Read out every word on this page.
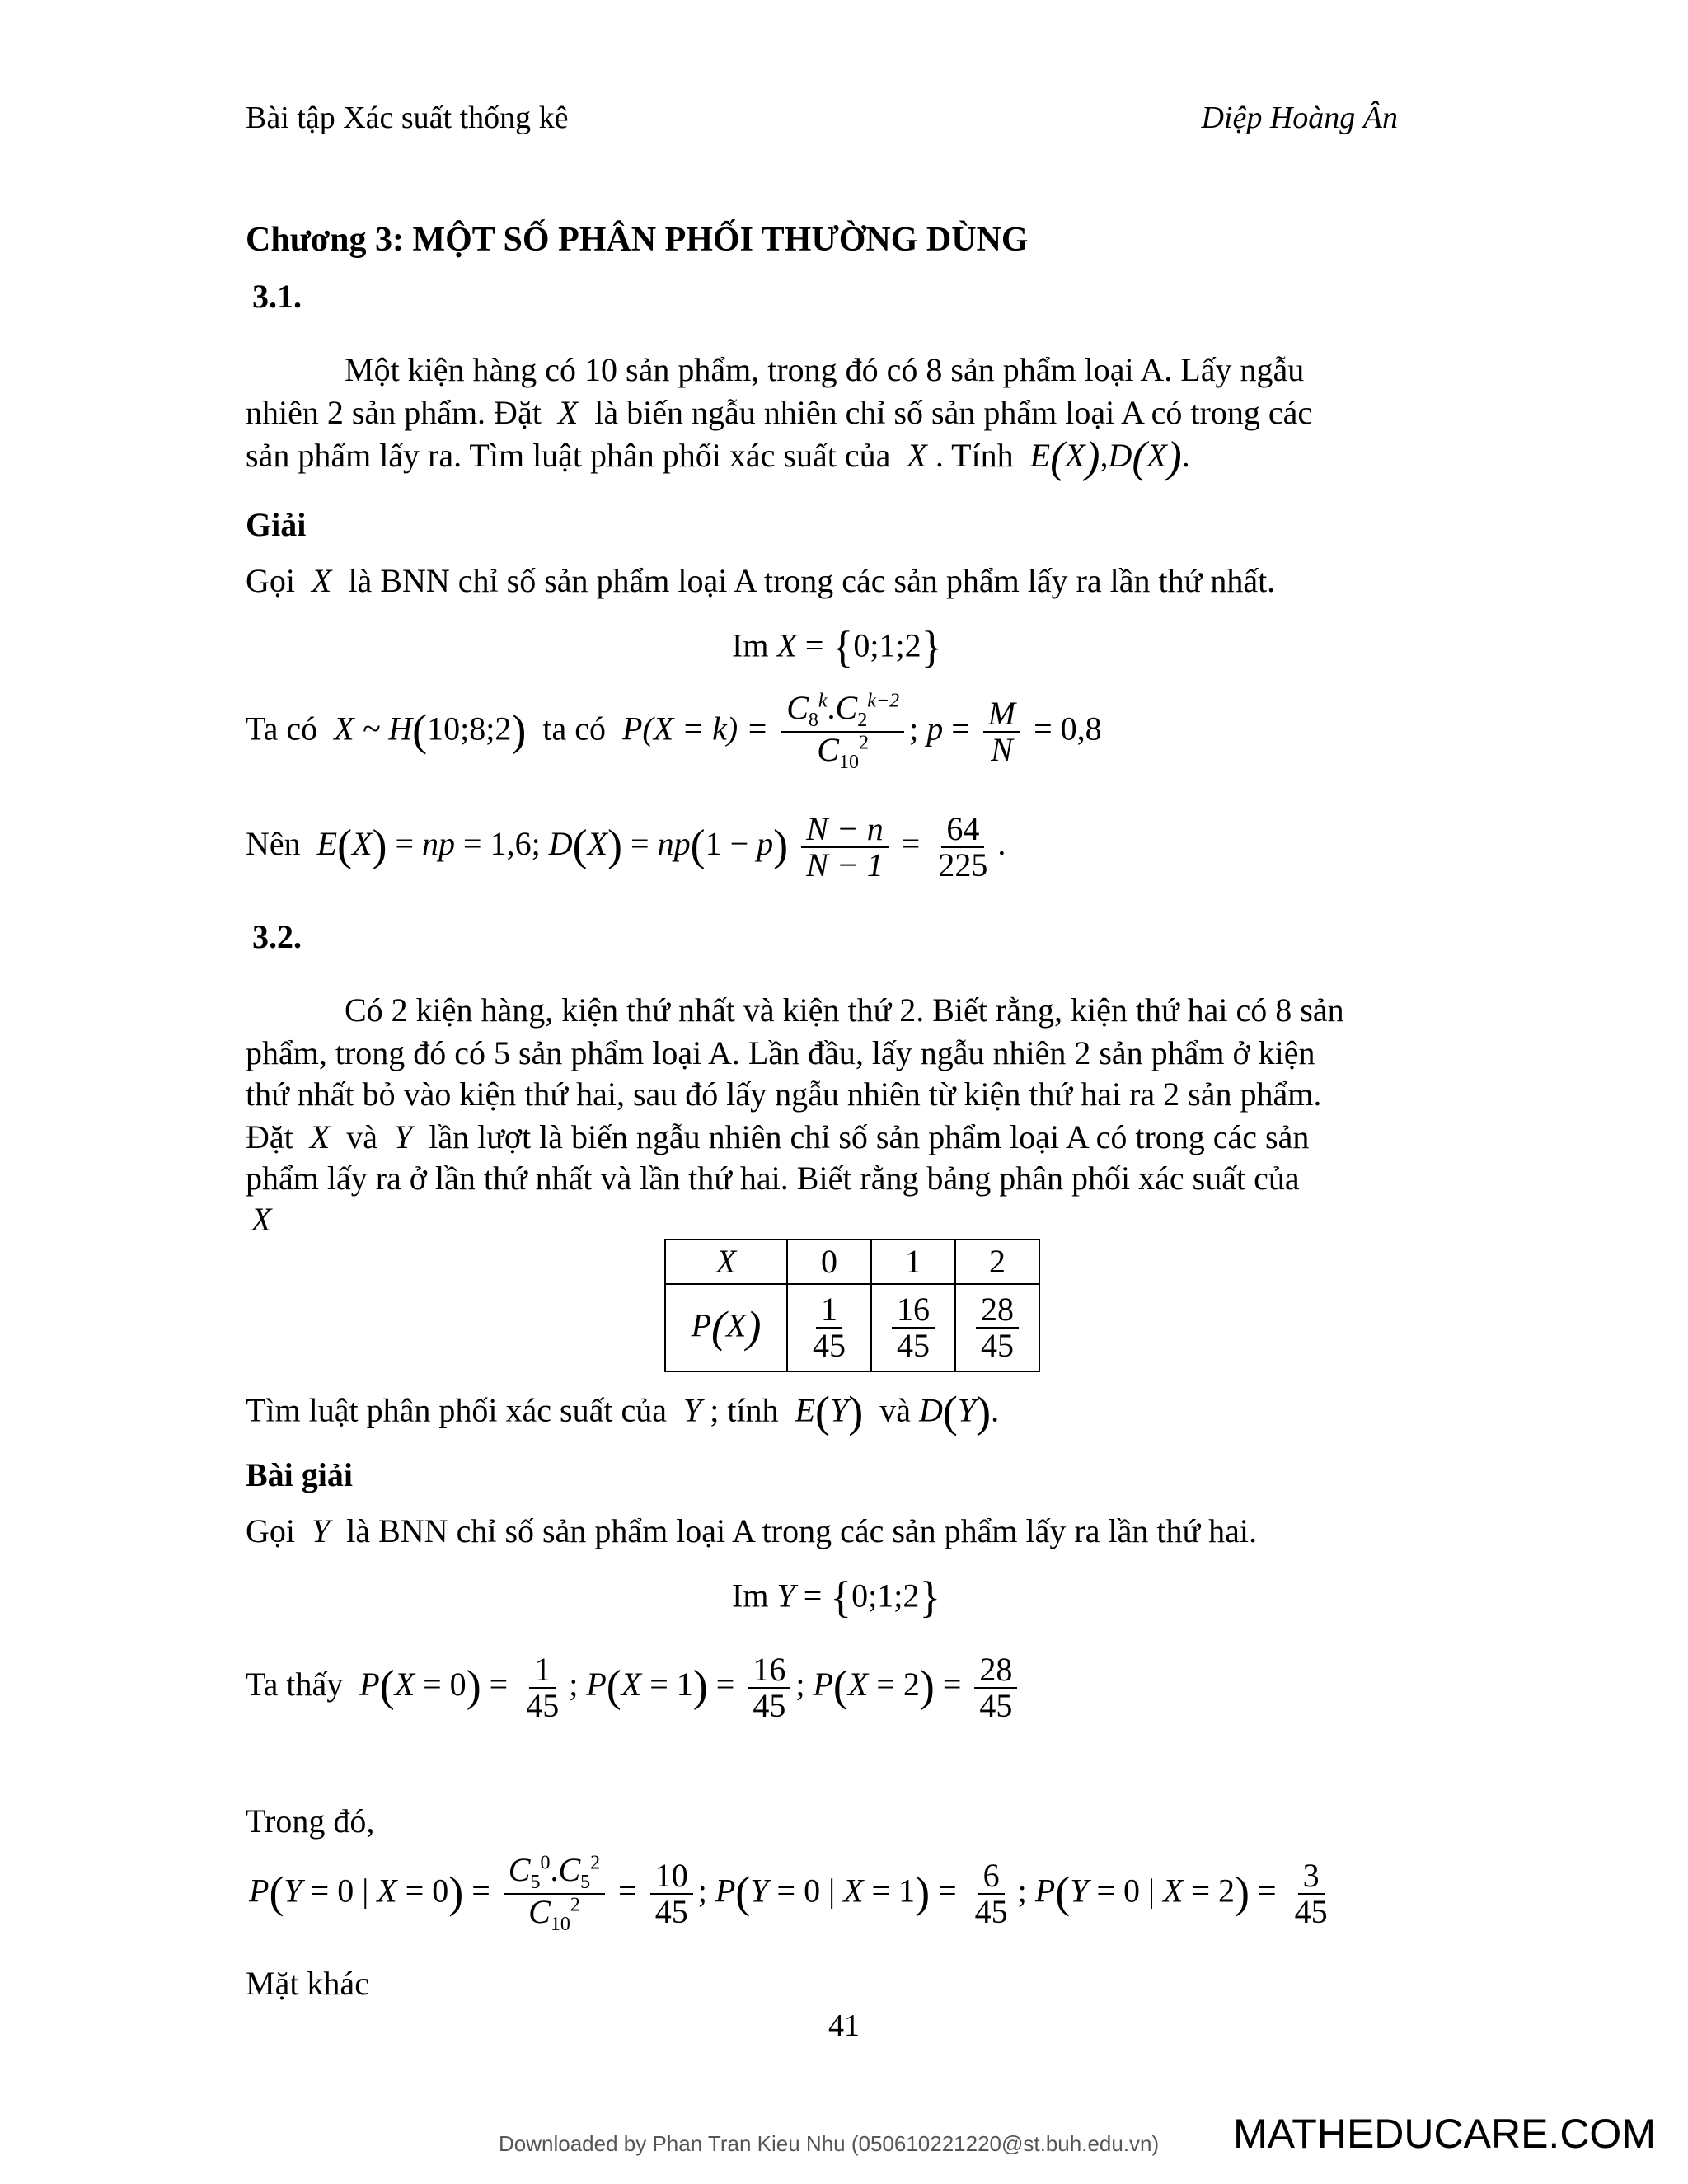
Bài tập Xác suất thống kê	Diệp Hoàng Ân
Chương 3: MỘT SỐ PHÂN PHỐI THƯỜNG DÙNG
3.1.
Một kiện hàng có 10 sản phẩm, trong đó có 8 sản phẩm loại A. Lấy ngẫu
nhiên 2 sản phẩm. Đặt  X  là biến ngẫu nhiên chỉ số sản phẩm loại A có trong các
sản phẩm lấy ra. Tìm luật phân phối xác suất của  X . Tính  E(X),D(X).
Giải
Gọi  X  là BNN chỉ số sản phẩm loại A trong các sản phẩm lấy ra lần thứ nhất.
Im X = {0;1;2}
Ta có  X ~ H(10;8;2) ta có  $P(X = k) = \frac{C_8^k.C_2^{k-2}}{C_{10}^2}$ ; $p = \frac{M}{N} = 0,8$
Nên  E(X) = np = 1,6; $D(X) = np(1 - p) \frac{N - n}{N - 1} = \frac{64}{225}$ .
3.2.
Có 2 kiện hàng, kiện thứ nhất và kiện thứ 2. Biết rằng, kiện thứ hai có 8 sản
phẩm, trong đó có 5 sản phẩm loại A. Lần đầu, lấy ngẫu nhiên 2 sản phẩm ở kiện
thứ nhất bỏ vào kiện thứ hai, sau đó lấy ngẫu nhiên từ kiện thứ hai ra 2 sản phẩm.
Đặt  X  và  Y  lần lượt là biến ngẫu nhiên chỉ số sản phẩm loại A có trong các sản
phẩm lấy ra ở lần thứ nhất và lần thứ hai. Biết rằng bảng phân phối xác suất của
X
X	0	1	2
P(X)	$\frac{1}{45}$	$\frac{16}{45}$	$\frac{28}{45}$
Tìm luật phân phối xác suất của  Y ; tính  E(Y) và D(Y).
Bài giải
Gọi  Y  là BNN chỉ số sản phẩm loại A trong các sản phẩm lấy ra lần thứ hai.
Im Y = {0;1;2}
Ta thấy  $P(X = 0) = \frac{1}{45}$ ; $P(X = 1) = \frac{16}{45}$ ; $P(X = 2) = \frac{28}{45}$
Trong đó,
P(Y = 0 | $X = 0) = \frac{C_5^0.C_5^2}{C_{10}^2} = \frac{10}{45}$ ; P(Y = 0 | $X = 1) = \frac{6}{45}$ ; P(Y = 0 | $X = 2) = \frac{3}{45}$
Mặt khác
41
Downloaded by Phan Tran Kieu Nhu (050610221220@st.buh.edu.vn) MATHEDUCARE.COM
